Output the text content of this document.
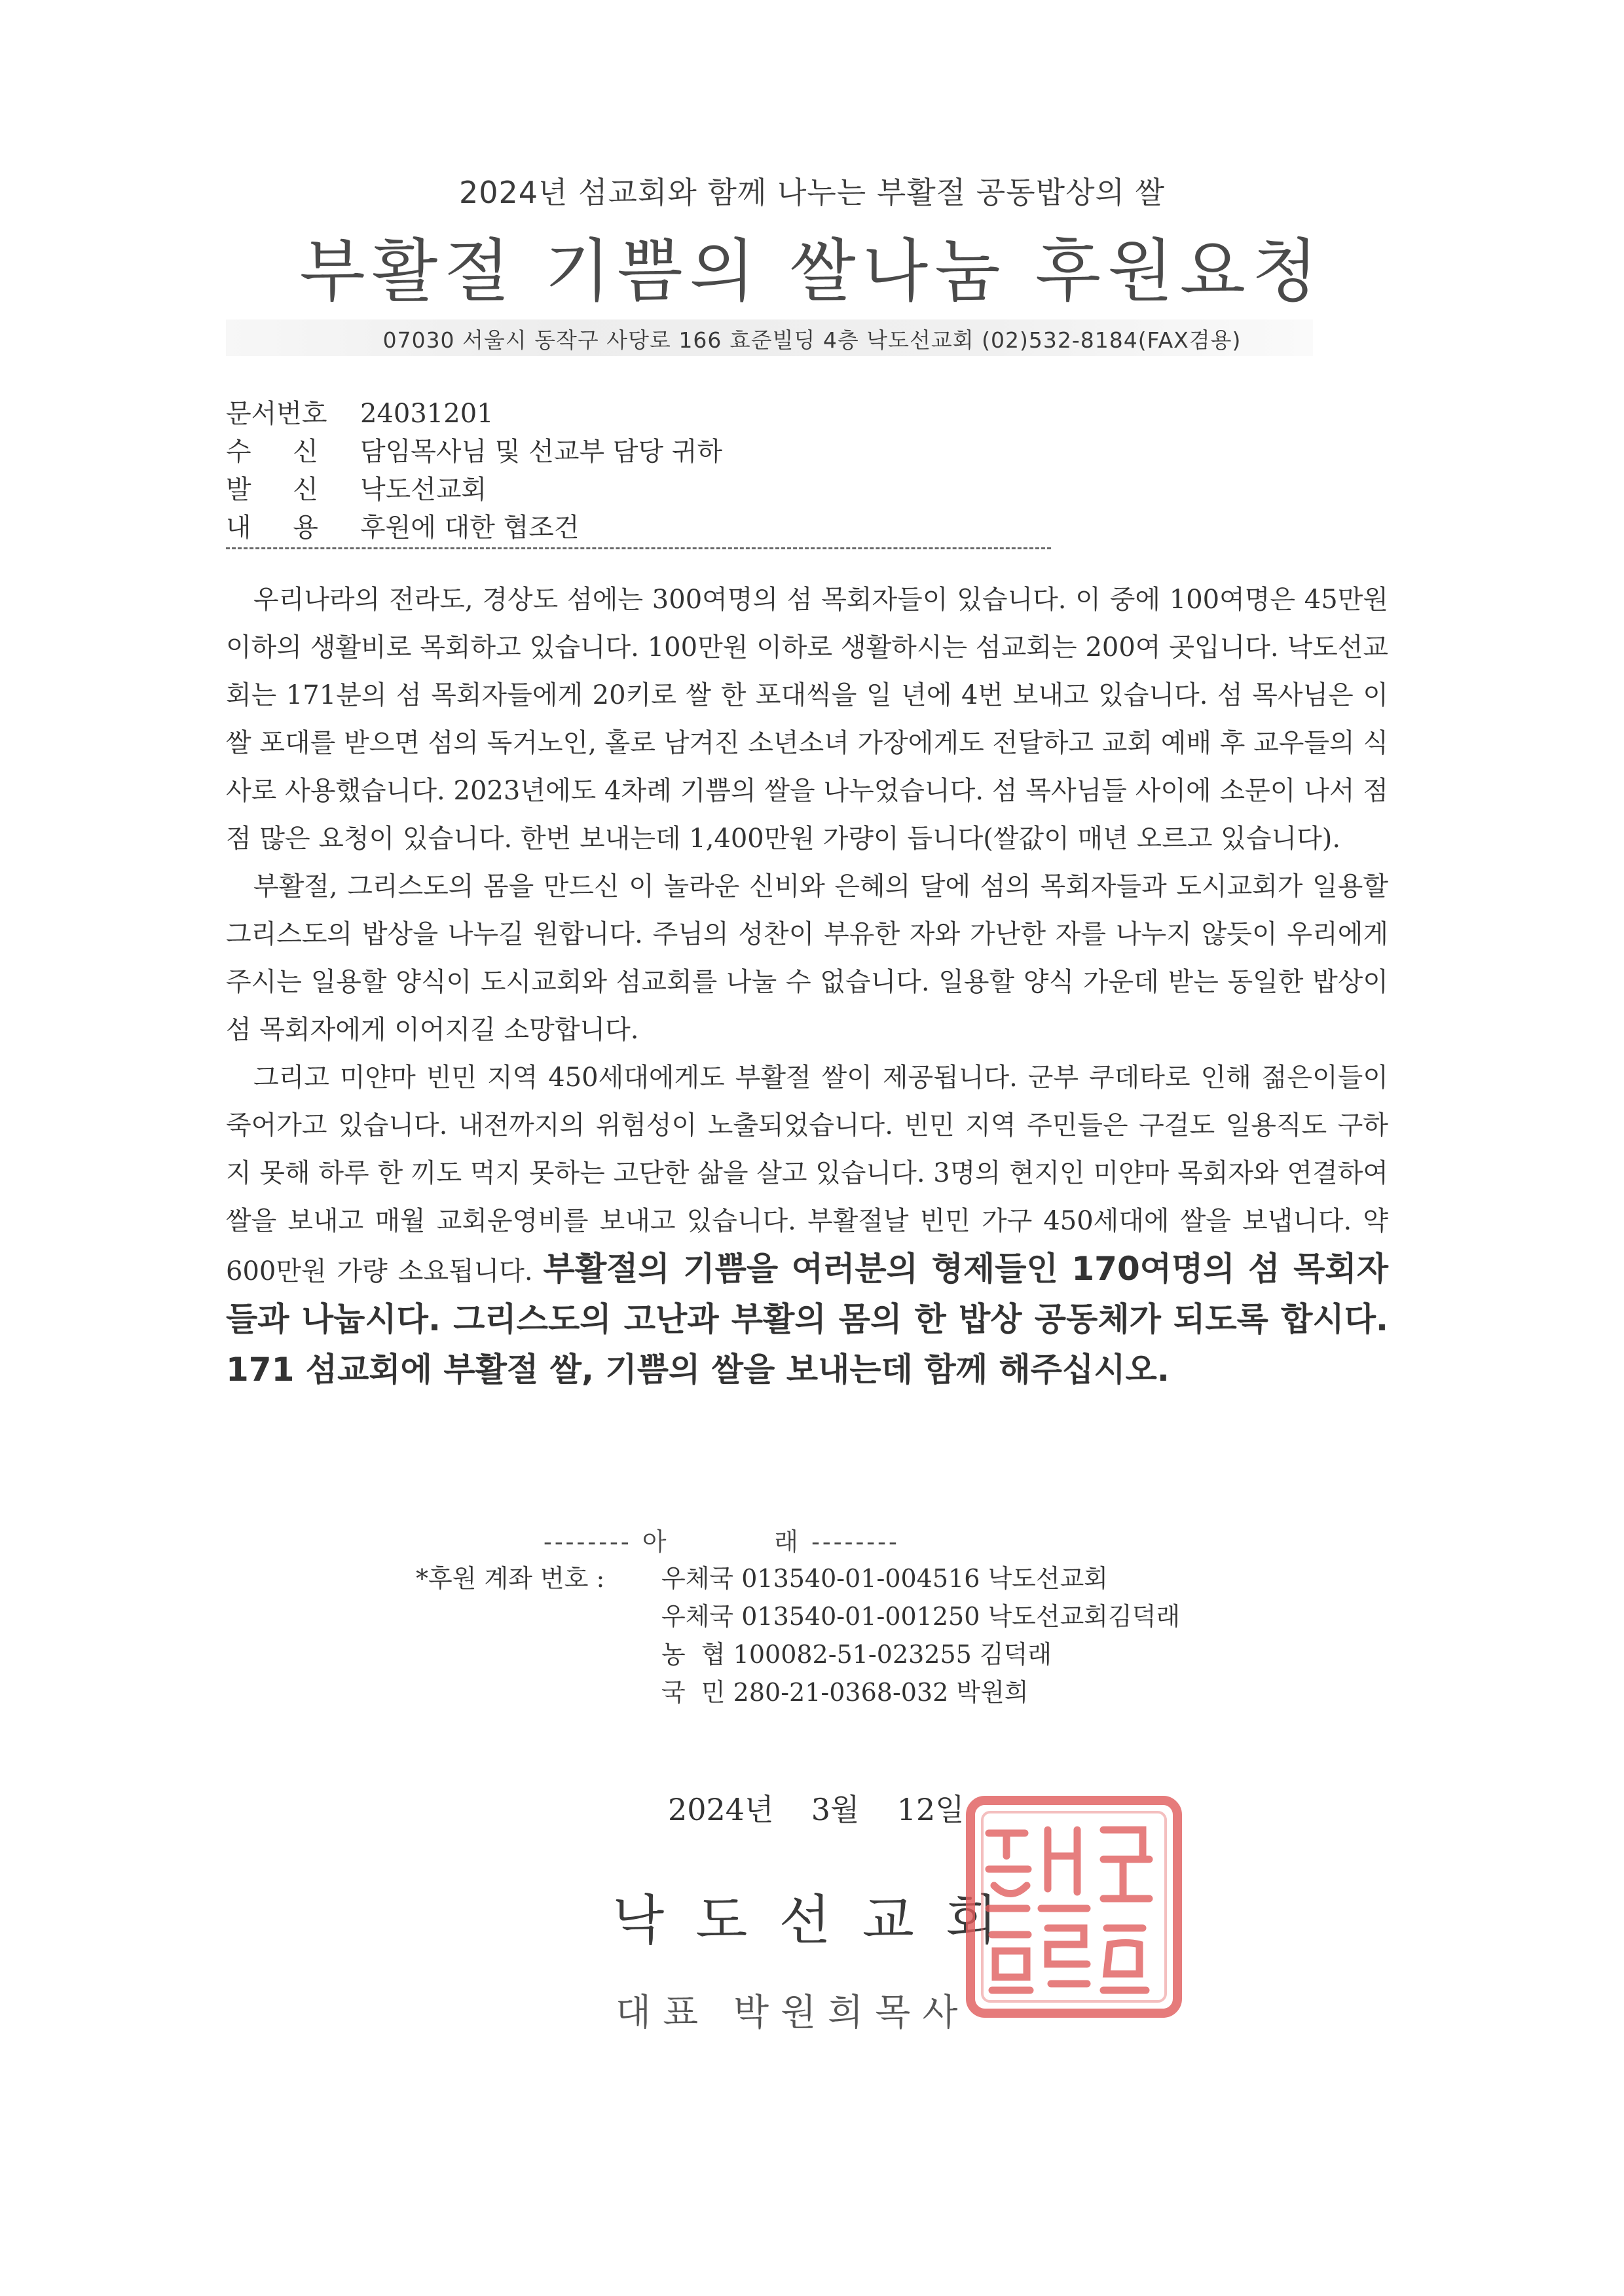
2024년 섬교회와 함께 나누는 부활절 공동밥상의 쌀
부활절 기쁨의 쌀나눔 후원요청
07030 서울시 동작구 사당로 166 효준빌딩 4층 낙도선교회 (02)532-8184(FAX겸용)
문서번호 24031201
수     신 담임목사님 및 선교부 담당 귀하
발     신 낙도선교회
내     용 후원에 대한 협조건

우리나라의 전라도, 경상도 섬에는 300여명의 섬 목회자들이 있습니다. 이 중에 100여명은 45만원 이하의 생활비로 목회하고 있습니다. 100만원 이하로 생활하시는 섬교회는 200여 곳입니다. 낙도선교회는 171분의 섬 목회자들에게 20키로 쌀 한 포대씩을 일 년에 4번 보내고 있습니다. 섬 목사님은 이 쌀 포대를 받으면 섬의 독거노인, 홀로 남겨진 소년소녀 가장에게도 전달하고 교회 예배 후 교우들의 식사로 사용했습니다. 2023년에도 4차례 기쁨의 쌀을 나누었습니다. 섬 목사님들 사이에 소문이 나서 점점 많은 요청이 있습니다. 한번 보내는데 1,400만원 가량이 듭니다(쌀값이 매년 오르고 있습니다).

부활절, 그리스도의 몸을 만드신 이 놀라운 신비와 은혜의 달에 섬의 목회자들과 도시교회가 일용할 그리스도의 밥상을 나누길 원합니다. 주님의 성찬이 부유한 자와 가난한 자를 나누지 않듯이 우리에게 주시는 일용할 양식이 도시교회와 섬교회를 나눌 수 없습니다. 일용할 양식 가운데 받는 동일한 밥상이 섬 목회자에게 이어지길 소망합니다.

그리고 미얀마 빈민 지역 450세대에게도 부활절 쌀이 제공됩니다. 군부 쿠데타로 인해 젊은이들이 죽어가고 있습니다. 내전까지의 위험성이 노출되었습니다. 빈민 지역 주민들은 구걸도 일용직도 구하지 못해 하루 한 끼도 먹지 못하는 고단한 삶을 살고 있습니다. 3명의 현지인 미얀마 목회자와 연결하여 쌀을 보내고 매월 교회운영비를 보내고 있습니다. 부활절날 빈민 가구 450세대에 쌀을 보냅니다. 약 600만원 가량 소요됩니다. 부활절의 기쁨을 여러분의 형제들인 170여명의 섬 목회자들과 나눕시다. 그리스도의 고난과 부활의 몸의 한 밥상 공동체가 되도록 합시다. 171 섬교회에 부활절 쌀, 기쁨의 쌀을 보내는데 함께 해주십시오.

-------- 아          래 --------
*후원 계좌 번호 : 우체국 013540-01-004516 낙도선교회
우체국 013540-01-001250 낙도선교회김덕래
농  협 100082-51-023255 김덕래
국  민 280-21-0368-032 박원희
2024년  3월  12일
낙도선교회
대표 박원희목사
